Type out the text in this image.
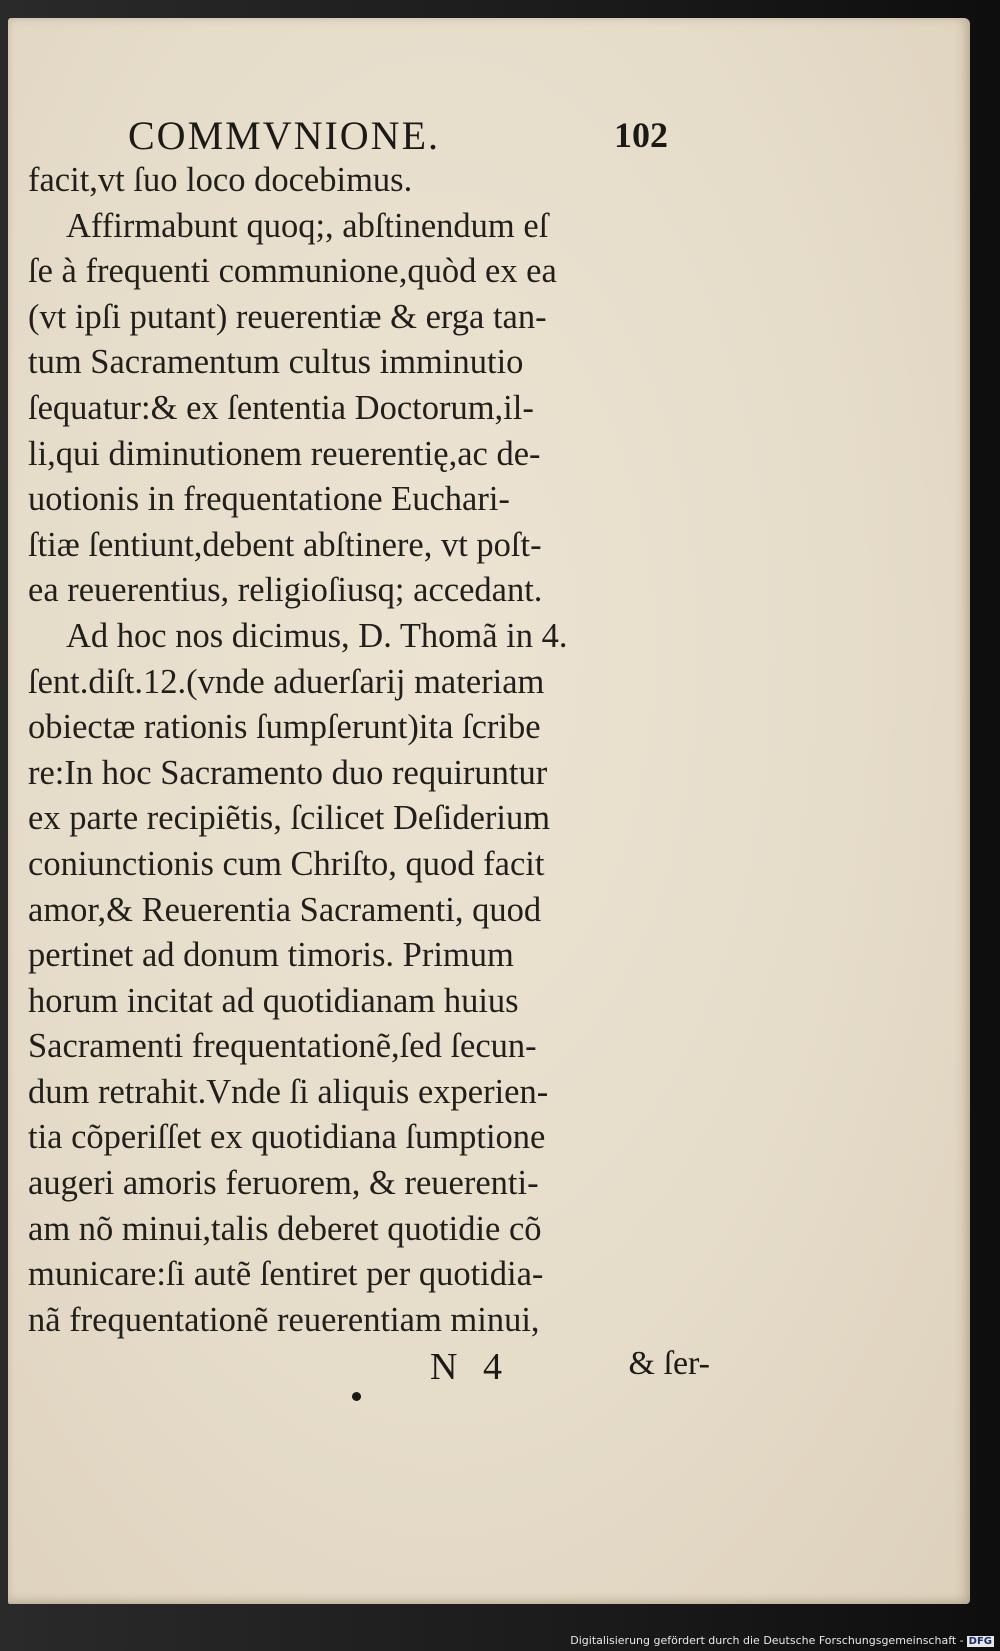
COMMVNIONE.	102
facit,vt ſuo loco docebimus.
Affirmabunt quoq;, abſtinendum eſ
ſe à frequenti communione,quòd ex ea
(vt ipſi putant) reuerentiæ & erga tan-
tum Sacramentum cultus imminutio
ſequatur:& ex ſententia Doctorum,il-
li,qui diminutionem reuerentię,ac de-
uotionis in frequentatione Euchari-
ſtiæ ſentiunt,debent abſtinere, vt poſt-
ea reuerentius, religioſiusq; accedant.
Ad hoc nos dicimus, D. Thomã in 4.
ſent.diſt.12.(vnde aduerſarij materiam
obiectæ rationis ſumpſerunt)ita ſcribe
re:In hoc Sacramento duo requiruntur
ex parte recipiẽtis, ſcilicet Deſiderium
coniunctionis cum Chriſto, quod facit
amor,& Reuerentia Sacramenti, quod
pertinet ad donum timoris. Primum
horum incitat ad quotidianam huius
Sacramenti frequentationẽ,ſed ſecun-
dum retrahit.Vnde ſi aliquis experien-
tia cõperiſſet ex quotidiana ſumptione
augeri amoris feruorem, & reuerenti-
am nõ minui,talis deberet quotidie cõ
municare:ſi autẽ ſentiret per quotidia-
nã frequentationẽ reuerentiam minui,
N 4	& ſer-
Digitalisierung gefördert durch die Deutsche Forschungsgemeinschaft - DFG
